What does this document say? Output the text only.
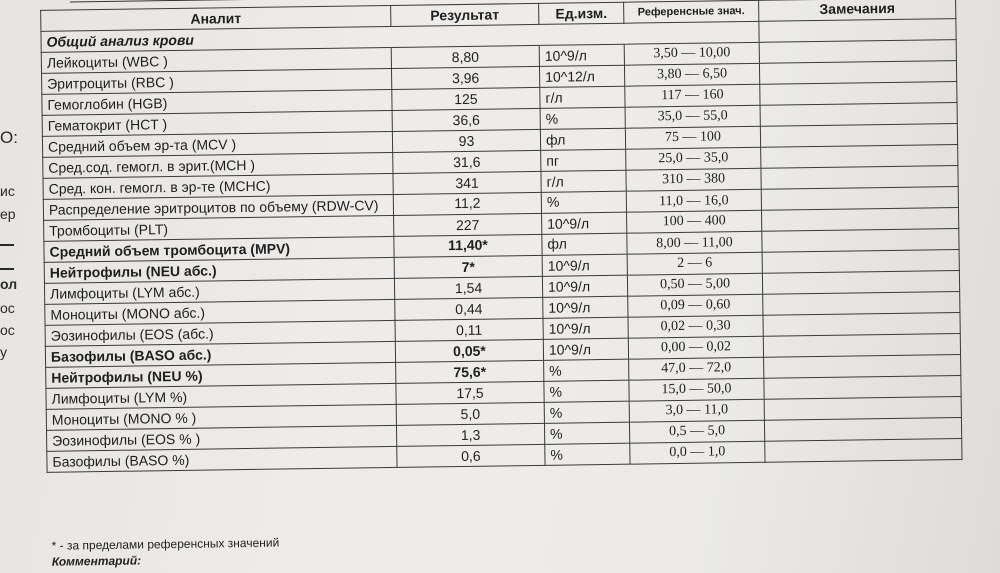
O:
ис
ер
ол
ос
ос
у
Аналит	Результат	Ед.изм.	Референсные знач.	Замечания
Общий анализ крови				
Лейкоциты (WBC )	8,80	10^9/л	3,50 — 10,00	
Эритроциты (RBC )	3,96	10^12/л	3,80 — 6,50	
Гемоглобин (HGB)	125	г/л	117 — 160	
Гематокрит (HCT )	36,6	%	35,0 — 55,0	
Средний объем эр-та (MCV )	93	фл	75 — 100	
Сред.сод. гемогл. в эрит.(MCH )	31,6	пг	25,0 — 35,0	
Сред. кон. гемогл. в эр-те (MCHC)	341	г/л	310 — 380	
Распределение эритроцитов по объему (RDW-CV)	11,2	%	11,0 — 16,0	
Тромбоциты (PLT)	227	10^9/л	100 — 400	
Средний объем тромбоцита (MPV)	11,40*	фл	8,00 — 11,00	
Нейтрофилы (NEU абс.)	7*	10^9/л	2 — 6	
Лимфоциты (LYM абс.)	1,54	10^9/л	0,50 — 5,00	
Моноциты (MONO абс.)	0,44	10^9/л	0,09 — 0,60	
Эозинофилы (EOS (абс.)	0,11	10^9/л	0,02 — 0,30	
Базофилы (BASO абс.)	0,05*	10^9/л	0,00 — 0,02	
Нейтрофилы (NEU %)	75,6*	%	47,0 — 72,0	
Лимфоциты (LYM %)	17,5	%	15,0 — 50,0	
Моноциты (MONO % )	5,0	%	3,0 — 11,0	
Эозинофилы (EOS % )	1,3	%	0,5 — 5,0	
Базофилы (BASO %)	0,6	%	0,0 — 1,0	
* - за пределами референсных значений
Комментарий:
